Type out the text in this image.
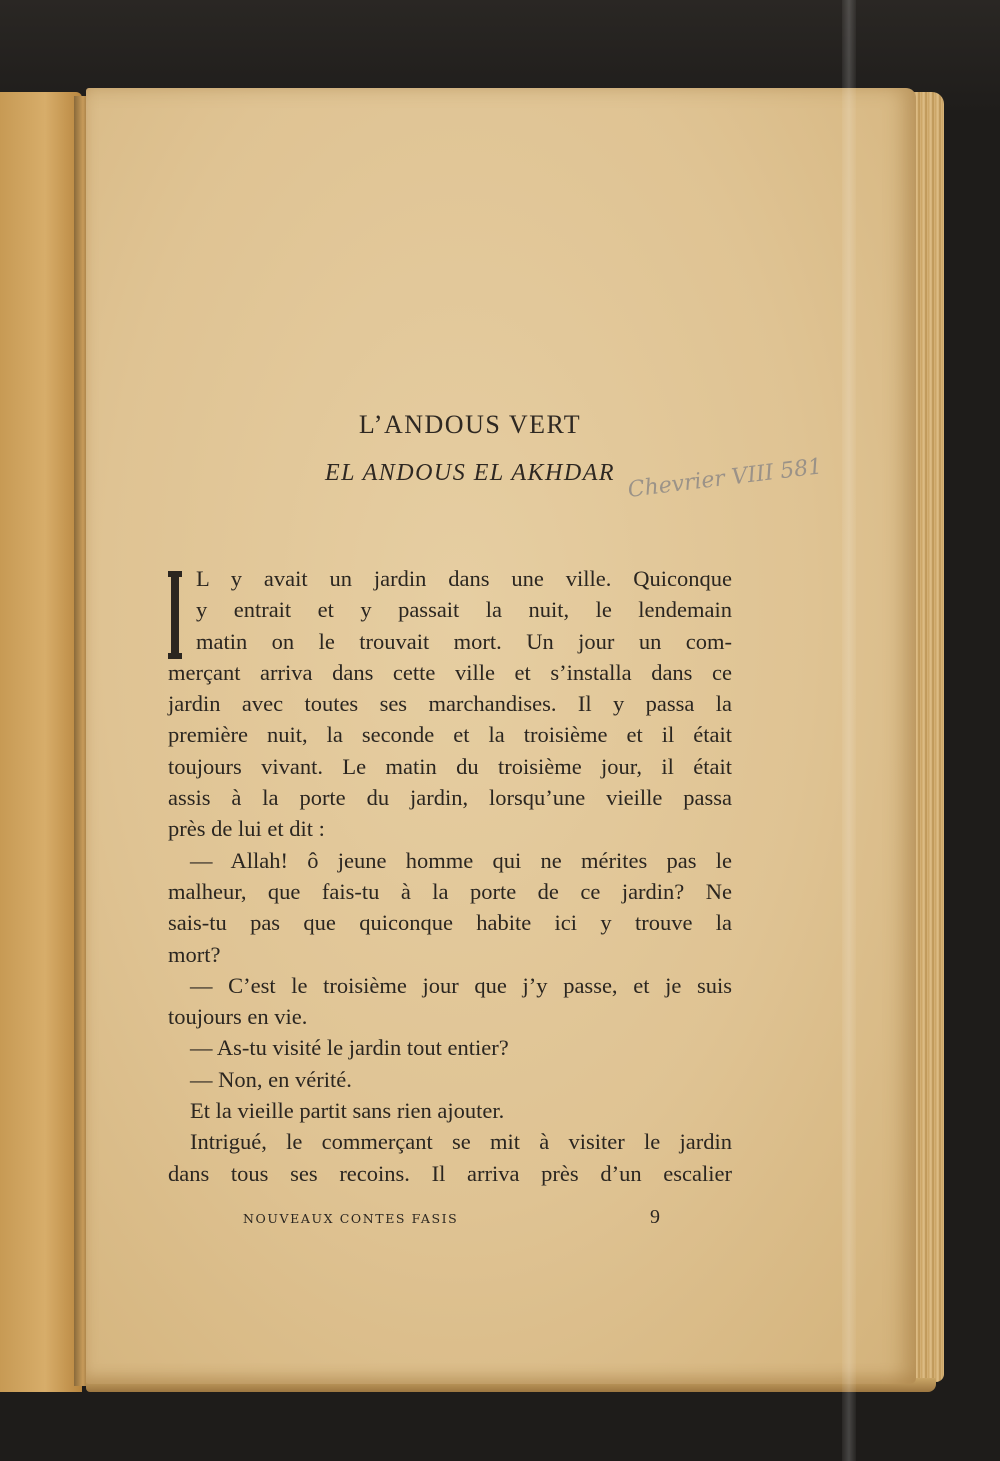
L’ANDOUS VERT
EL ANDOUS EL AKHDAR Chevrier VIII 581
L y avait un jardin dans une ville. Quiconque
y entrait et y passait la nuit, le lendemain
matin on le trouvait mort. Un jour un com-
merçant arriva dans cette ville et s’installa dans ce
jardin avec toutes ses marchandises. Il y passa la
première nuit, la seconde et la troisième et il était
toujours vivant. Le matin du troisième jour, il était
assis à la porte du jardin, lorsqu’une vieille passa
près de lui et dit :
— Allah! ô jeune homme qui ne mérites pas le
malheur, que fais-tu à la porte de ce jardin? Ne
sais-tu pas que quiconque habite ici y trouve la
mort?
— C’est le troisième jour que j’y passe, et je suis
toujours en vie.
— As-tu visité le jardin tout entier?
— Non, en vérité.
Et la vieille partit sans rien ajouter.
Intrigué, le commerçant se mit à visiter le jardin
dans tous ses recoins. Il arriva près d’un escalier
NOUVEAUX CONTES FASIS	9
